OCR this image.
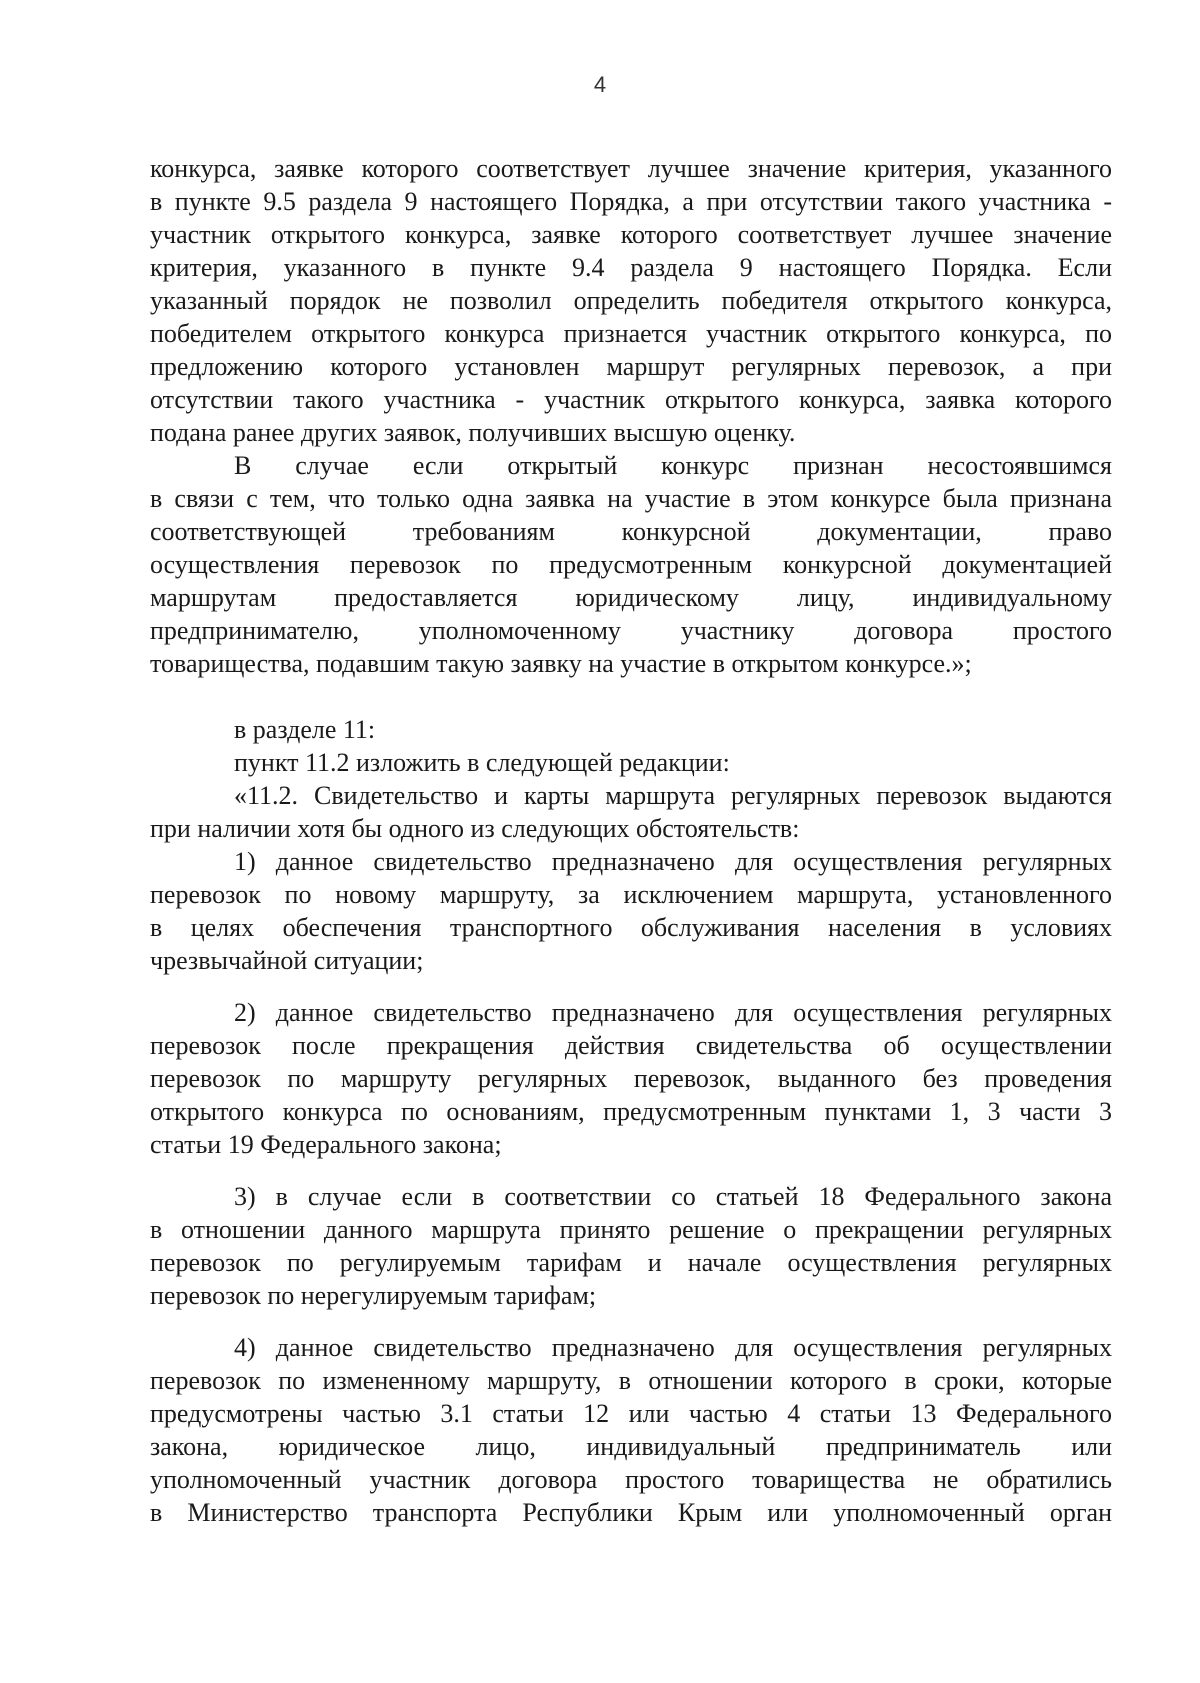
4
конкурса, заявке которого соответствует лучшее значение критерия, указанного
в пункте 9.5 раздела 9 настоящего Порядка, а при отсутствии такого участника -
участник открытого конкурса, заявке которого соответствует лучшее значение
критерия, указанного в пункте 9.4 раздела 9 настоящего Порядка. Если
указанный порядок не позволил определить победителя открытого конкурса,
победителем открытого конкурса признается участник открытого конкурса, по
предложению которого установлен маршрут регулярных перевозок, а при
отсутствии такого участника - участник открытого конкурса, заявка которого
подана ранее других заявок, получивших высшую оценку.
В случае если открытый конкурс признан несостоявшимся
в связи с тем, что только одна заявка на участие в этом конкурсе была признана
соответствующей требованиям конкурсной документации, право
осуществления перевозок по предусмотренным конкурсной документацией
маршрутам предоставляется юридическому лицу, индивидуальному
предпринимателю, уполномоченному участнику договора простого
товарищества, подавшим такую заявку на участие в открытом конкурсе.»;
в разделе 11:
пункт 11.2 изложить в следующей редакции:
«11.2. Свидетельство и карты маршрута регулярных перевозок выдаются
при наличии хотя бы одного из следующих обстоятельств:
1) данное свидетельство предназначено для осуществления регулярных
перевозок по новому маршруту, за исключением маршрута, установленного
в целях обеспечения транспортного обслуживания населения в условиях
чрезвычайной ситуации;
2) данное свидетельство предназначено для осуществления регулярных
перевозок после прекращения действия свидетельства об осуществлении
перевозок по маршруту регулярных перевозок, выданного без проведения
открытого конкурса по основаниям, предусмотренным пунктами 1, 3 части 3
статьи 19 Федерального закона;
3) в случае если в соответствии со статьей 18 Федерального закона
в отношении данного маршрута принято решение о прекращении регулярных
перевозок по регулируемым тарифам и начале осуществления регулярных
перевозок по нерегулируемым тарифам;
4) данное свидетельство предназначено для осуществления регулярных
перевозок по измененному маршруту, в отношении которого в сроки, которые
предусмотрены частью 3.1 статьи 12 или частью 4 статьи 13 Федерального
закона, юридическое лицо, индивидуальный предприниматель или
уполномоченный участник договора простого товарищества не обратились
в Министерство транспорта Республики Крым или уполномоченный орган
